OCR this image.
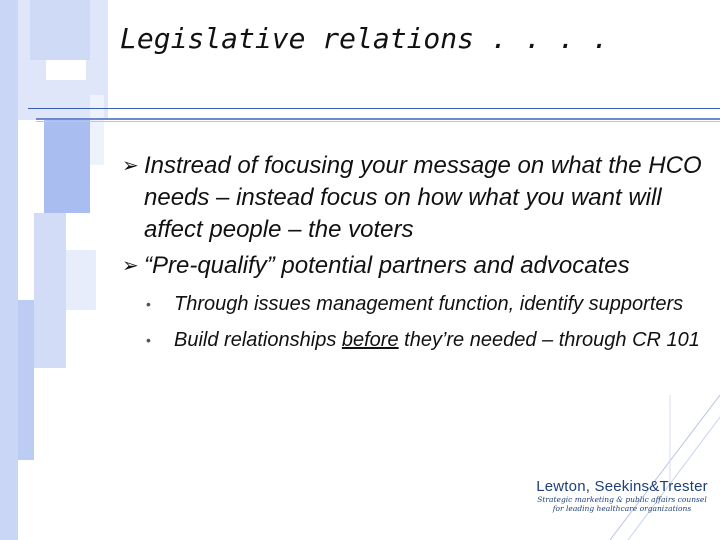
Legislative relations . . . .
➢ Instread of focusing your message on what the HCO needs – instead focus on how what you want will affect people – the voters
➢ “Pre-qualify” potential partners and advocates
• Through issues management function, identify supporters
• Build relationships before they’re needed – through CR 101
Lewton, Seekins&Trester
Strategic marketing & public affairs counsel
for leading healthcare organizations
